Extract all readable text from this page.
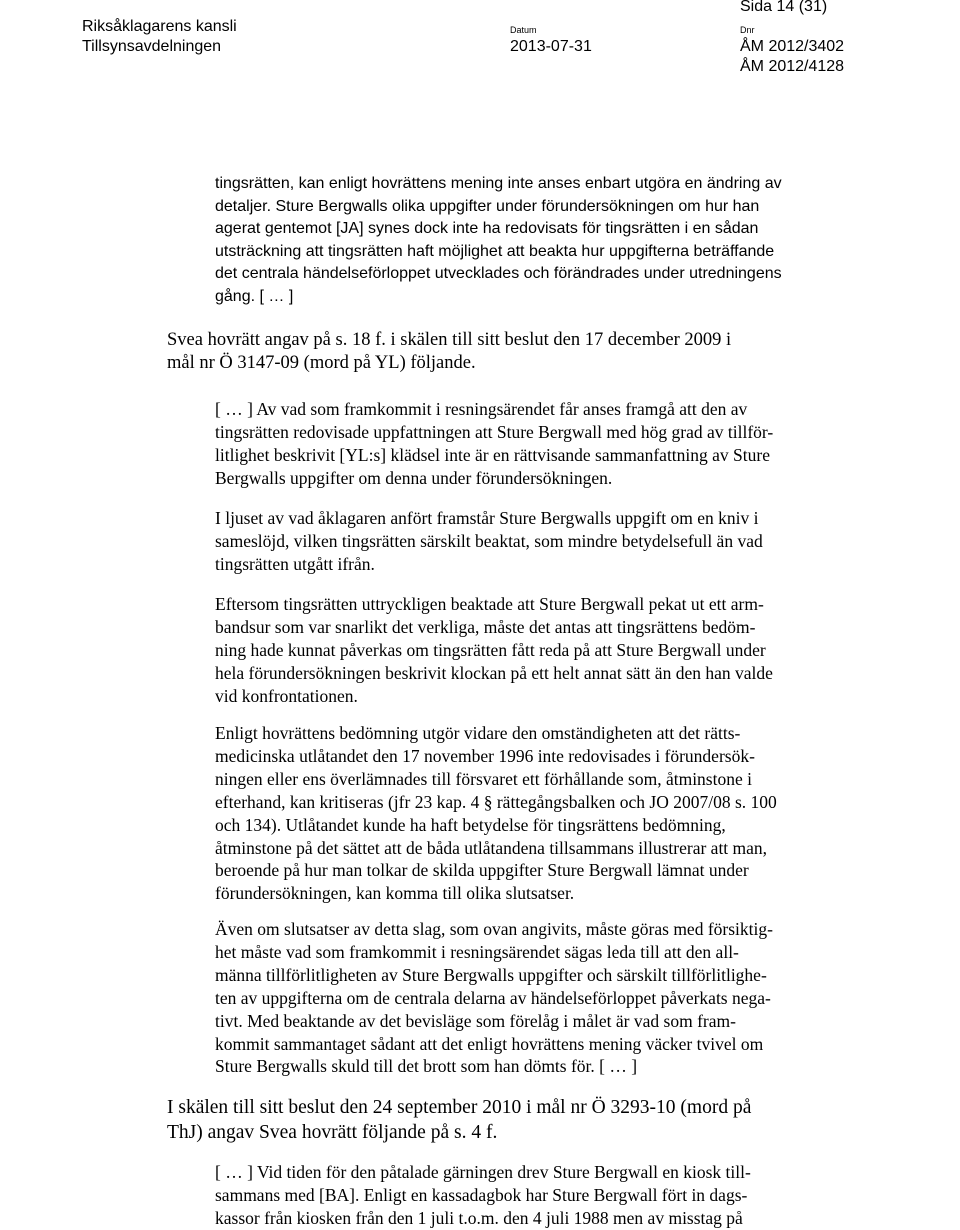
Riksåklagarens kansli
Tillsynsavdelningen
Datum
2013-07-31
Dnr
ÅM 2012/3402
ÅM 2012/4128
Sida 14 (31)
tingsrätten, kan enligt hovrättens mening inte anses enbart utgöra en ändring av
detaljer. Sture Bergwalls olika uppgifter under förundersökningen om hur han
agerat gentemot [JA] synes dock inte ha redovisats för tingsrätten i en sådan
utsträckning att tingsrätten haft möjlighet att beakta hur uppgifterna beträffande
det centrala händelseförloppet utvecklades och förändrades under utredningens
gång. [ … ]
Svea hovrätt angav på s. 18 f. i skälen till sitt beslut den 17 december 2009 i
mål nr Ö 3147-09 (mord på YL) följande.
[ … ] Av vad som framkommit i resningsärendet får anses framgå att den av
tingsrätten redovisade uppfattningen att Sture Bergwall med hög grad av tillför-
litlighet beskrivit [YL:s] klädsel inte är en rättvisande sammanfattning av Sture
Bergwalls uppgifter om denna under förundersökningen.
I ljuset av vad åklagaren anfört framstår Sture Bergwalls uppgift om en kniv i
sameslöjd, vilken tingsrätten särskilt beaktat, som mindre betydelsefull än vad
tingsrätten utgått ifrån.
Eftersom tingsrätten uttryckligen beaktade att Sture Bergwall pekat ut ett arm-
bandsur som var snarlikt det verkliga, måste det antas att tingsrättens bedöm-
ning hade kunnat påverkas om tingsrätten fått reda på att Sture Bergwall under
hela förundersökningen beskrivit klockan på ett helt annat sätt än den han valde
vid konfrontationen.
Enligt hovrättens bedömning utgör vidare den omständigheten att det rätts-
medicinska utlåtandet den 17 november 1996 inte redovisades i förundersök-
ningen eller ens överlämnades till försvaret ett förhållande som, åtminstone i
efterhand, kan kritiseras (jfr 23 kap. 4 § rättegångsbalken och JO 2007/08 s. 100
och 134). Utlåtandet kunde ha haft betydelse för tingsrättens bedömning,
åtminstone på det sättet att de båda utlåtandena tillsammans illustrerar att man,
beroende på hur man tolkar de skilda uppgifter Sture Bergwall lämnat under
förundersökningen, kan komma till olika slutsatser.
Även om slutsatser av detta slag, som ovan angivits, måste göras med försiktig-
het måste vad som framkommit i resningsärendet sägas leda till att den all-
männa tillförlitligheten av Sture Bergwalls uppgifter och särskilt tillförlitlighe-
ten av uppgifterna om de centrala delarna av händelseförloppet påverkats nega-
tivt. Med beaktande av det bevisläge som förelåg i målet är vad som fram-
kommit sammantaget sådant att det enligt hovrättens mening väcker tvivel om
Sture Bergwalls skuld till det brott som han dömts för. [ … ]
I skälen till sitt beslut den 24 september 2010 i mål nr Ö 3293-10 (mord på
ThJ) angav Svea hovrätt följande på s. 4 f.
[ … ] Vid tiden för den påtalade gärningen drev Sture Bergwall en kiosk till-
sammans med [BA]. Enligt en kassadagbok har Sture Bergwall fört in dags-
kassor från kiosken från den 1 juli t.o.m. den 4 juli 1988 men av misstag på
